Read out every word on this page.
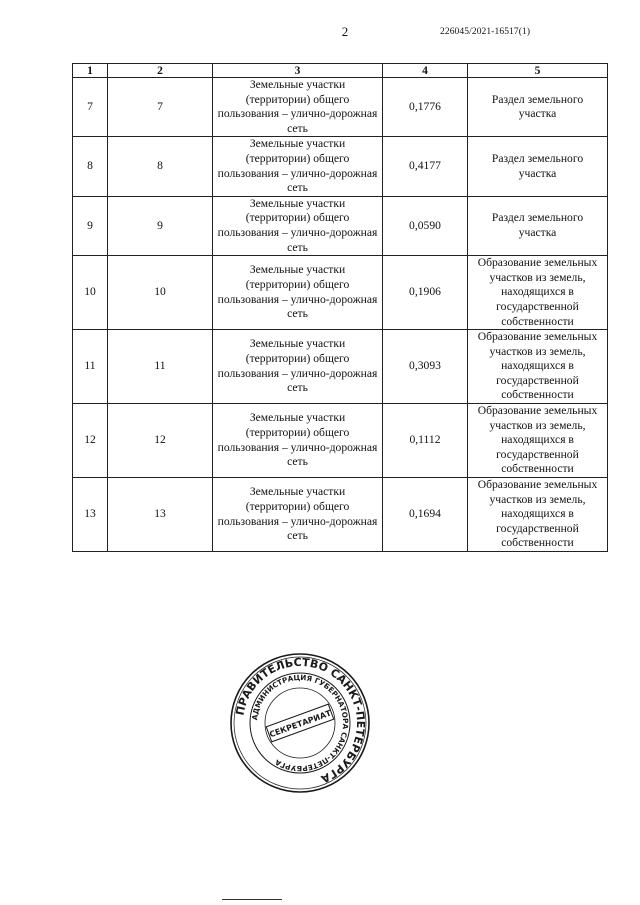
2	226045/2021-16517(1)
1	2	3	4	5
7	7	Земельные участки (территории) общего пользования – улично-дорожная сеть	0,1776	Раздел земельного участка
8	8	Земельные участки (территории) общего пользования – улично-дорожная сеть	0,4177	Раздел земельного участка
9	9	Земельные участки (территории) общего пользования – улично-дорожная сеть	0,0590	Раздел земельного участка
10	10	Земельные участки (территории) общего пользования – улично-дорожная сеть	0,1906	Образование земельных участков из земель, находящихся в государственной собственности
11	11	Земельные участки (территории) общего пользования – улично-дорожная сеть	0,3093	Образование земельных участков из земель, находящихся в государственной собственности
12	12	Земельные участки (территории) общего пользования – улично-дорожная сеть	0,1112	Образование земельных участков из земель, находящихся в государственной собственности
13	13	Земельные участки (территории) общего пользования – улично-дорожная сеть	0,1694	Образование земельных участков из земель, находящихся в государственной собственности
ПРАВИТЕЛЬСТВО САНКТ-ПЕТЕРБУРГА
АДМИНИСТРАЦИЯ ГУБЕРНАТОРА САНКТ-ПЕТЕРБУРГА
СЕКРЕТАРИАТ
